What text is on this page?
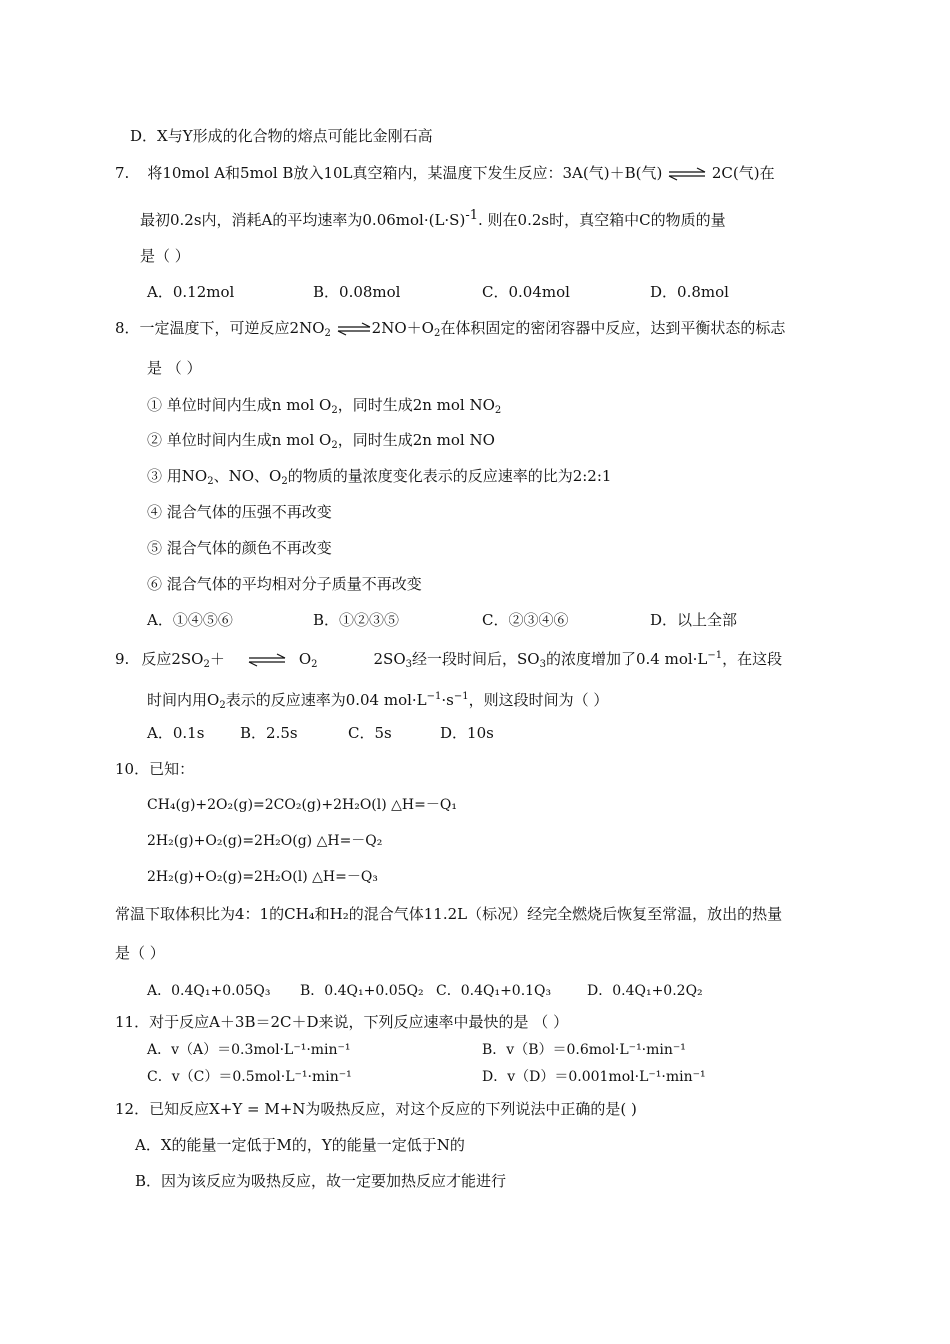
D．X与Y形成的化合物的熔点可能比金刚石高
7. 将10mol A和5mol B放入10L真空箱内，某温度下发生反应：3A(气)＋B(气) ⇌ 2C(气)在
最初0.2s内，消耗A的平均速率为$0.06mol\cdot(L\cdot S)^{-1}$. 则在0.2s时，真空箱中C的物质的量
是（ ）
A．0.12mol	B．0.08mol	C．0.04mol	D．0.8mol
8．一定温度下，可逆反应$2NO_2$ $\rightleftharpoons 2NO+O_2$在体积固定的密闭容器中反应，达到平衡状态的标志
是 （ ）
① 单位时间内生成n mol $O_2$，同时生成2n mol $NO_2$
② 单位时间内生成n mol $O_2$，同时生成2n mol NO
③ 用$NO_2$、NO、$O_2$的物质的量浓度变化表示的反应速率的比为2:2:1
④ 混合气体的压强不再改变
⑤ 混合气体的颜色不再改变
⑥ 混合气体的平均相对分子质量不再改变
A．①④⑤⑥	B．①②③⑤	C．②③④⑥	D．以上全部
9. 反应$2SO_2+$ ⇌ $O_2$	$2SO_3$经一段时间后，$SO_3$的浓度增加了0.4 $mol\cdot L^{-1}$，在这段
时间内用$O_2$表示的反应速率为0.04 $mol\cdot L^{-1}\cdot s^{-1}$，则这段时间为（ ）
A．0.1s B．2.5s	C．5s	D．10s
10．已知：
CH₄(g)+2O₂(g)=2CO₂(g)+2H₂O(l) △H=－Q₁
2H₂(g)+O₂(g)=2H₂O(g) △H=－Q₂
2H₂(g)+O₂(g)=2H₂O(l) △H=－Q₃
常温下取体积比为4：1的CH₄和H₂的混合气体11.2L（标况）经完全燃烧后恢复至常温，放出的热量
是（ ）
A．0.4Q₁+0.05Q₃ B．0.4Q₁+0.05Q₂ C．0.4Q₁+0.1Q₃	D．0.4Q₁+0.2Q₂
11．对于反应A＋3B＝2C＋D来说，下列反应速率中最快的是 （ ）
A．v（A）＝0.3mol·L⁻¹·min⁻¹	B．v（B）＝0.6mol·L⁻¹·min⁻¹
C．v（C）＝0.5mol·L⁻¹·min⁻¹	D．v（D）＝0.001mol·L⁻¹·min⁻¹
12．已知反应X+Y = M+N为吸热反应，对这个反应的下列说法中正确的是( )
A．X的能量一定低于M的，Y的能量一定低于N的
B．因为该反应为吸热反应，故一定要加热反应才能进行
